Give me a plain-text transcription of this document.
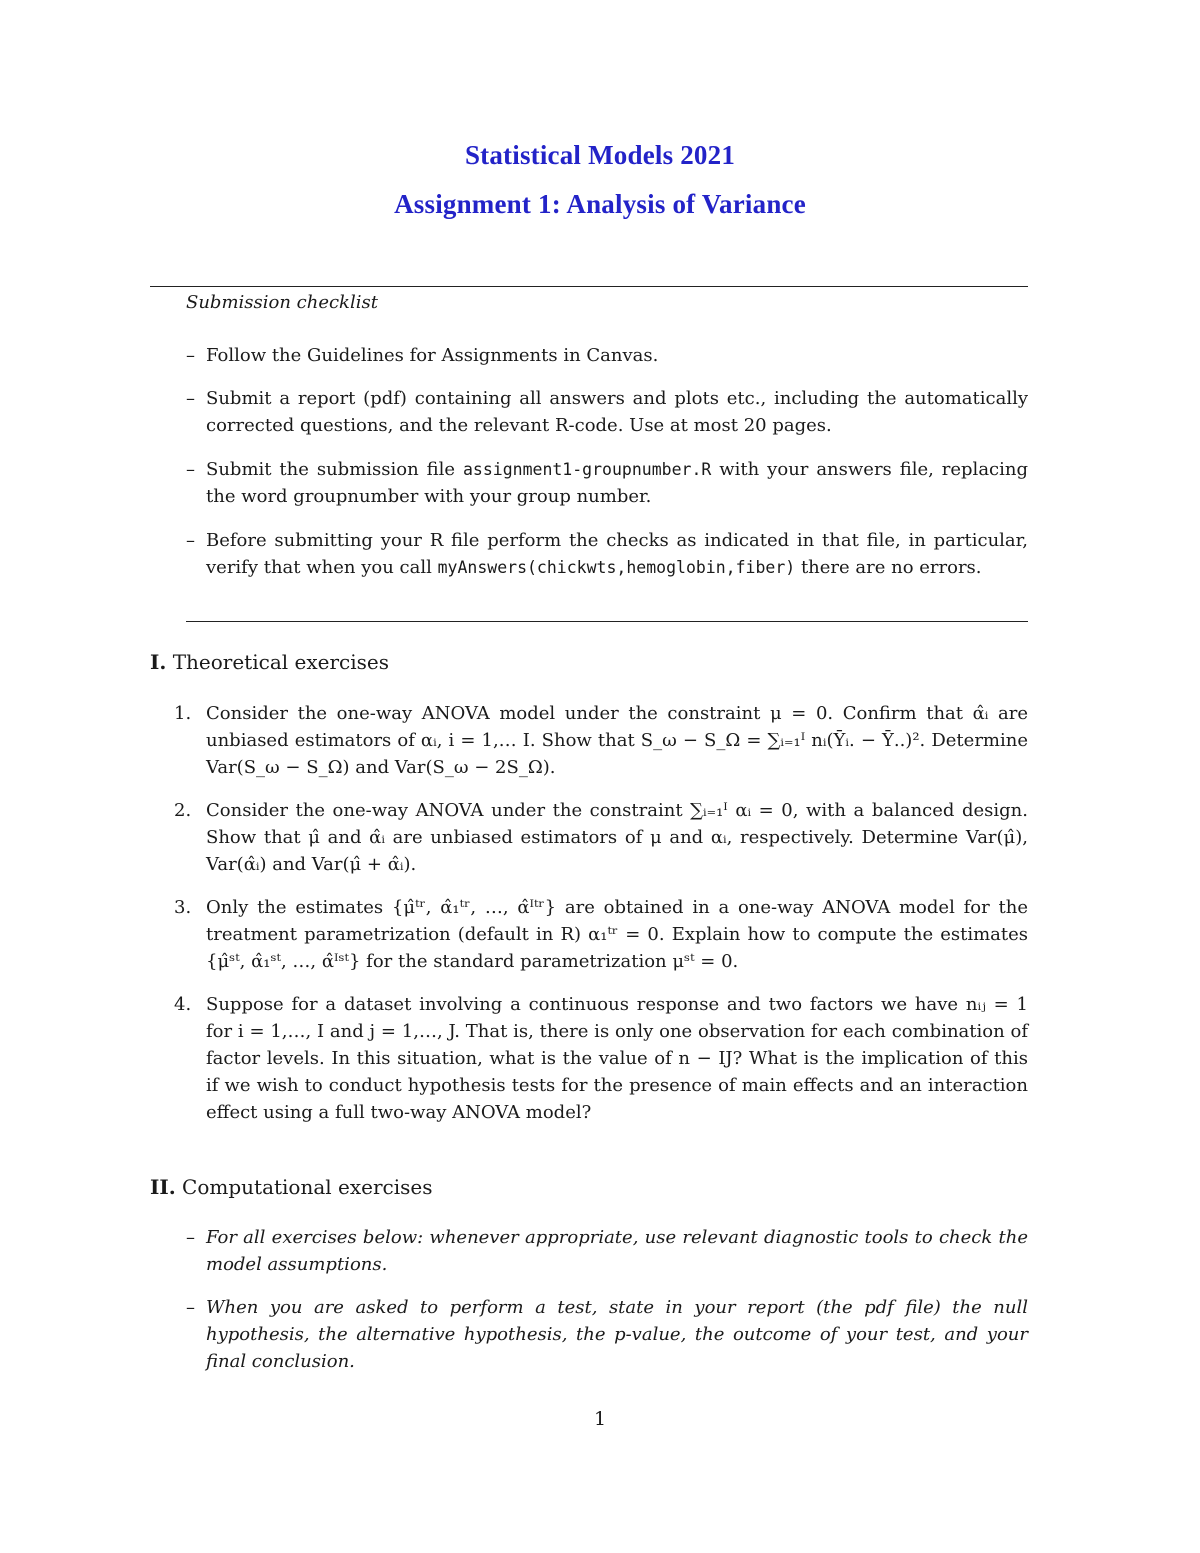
Statistical Models 2021
Assignment 1: Analysis of Variance
Submission checklist
– Follow the Guidelines for Assignments in Canvas.
– Submit a report (pdf) containing all answers and plots etc., including the automatically corrected questions, and the relevant R-code. Use at most 20 pages.
– Submit the submission file assignment1-groupnumber.R with your answers file, replacing the word groupnumber with your group number.
– Before submitting your R file perform the checks as indicated in that file, in particular, verify that when you call myAnswers(chickwts,hemoglobin,fiber) there are no errors.
I. Theoretical exercises
1. Consider the one-way ANOVA model under the constraint μ = 0. Confirm that α̂ᵢ are unbiased estimators of αᵢ, i = 1,… I. Show that S_ω − S_Ω = ∑ᵢ₌₁ᴵ nᵢ(Ȳᵢ. − Ȳ..)². Determine Var(S_ω − S_Ω) and Var(S_ω − 2S_Ω).
2. Consider the one-way ANOVA under the constraint ∑ᵢ₌₁ᴵ αᵢ = 0, with a balanced design. Show that μ̂ and α̂ᵢ are unbiased estimators of μ and αᵢ, respectively. Determine Var(μ̂), Var(α̂ᵢ) and Var(μ̂ + α̂ᵢ).
3. Only the estimates {μ̂ᵗʳ, α̂₁ᵗʳ, …, α̂ᴵᵗʳ} are obtained in a one-way ANOVA model for the treatment parametrization (default in R) α₁ᵗʳ = 0. Explain how to compute the estimates {μ̂ˢᵗ, α̂₁ˢᵗ, …, α̂ᴵˢᵗ} for the standard parametrization μˢᵗ = 0.
4. Suppose for a dataset involving a continuous response and two factors we have nᵢⱼ = 1 for i = 1,…, I and j = 1,…, J. That is, there is only one observation for each combination of factor levels. In this situation, what is the value of n − IJ? What is the implication of this if we wish to conduct hypothesis tests for the presence of main effects and an interaction effect using a full two-way ANOVA model?
II. Computational exercises
– For all exercises below: whenever appropriate, use relevant diagnostic tools to check the model assumptions.
– When you are asked to perform a test, state in your report (the pdf file) the null hypothesis, the alternative hypothesis, the p-value, the outcome of your test, and your final conclusion.
1
